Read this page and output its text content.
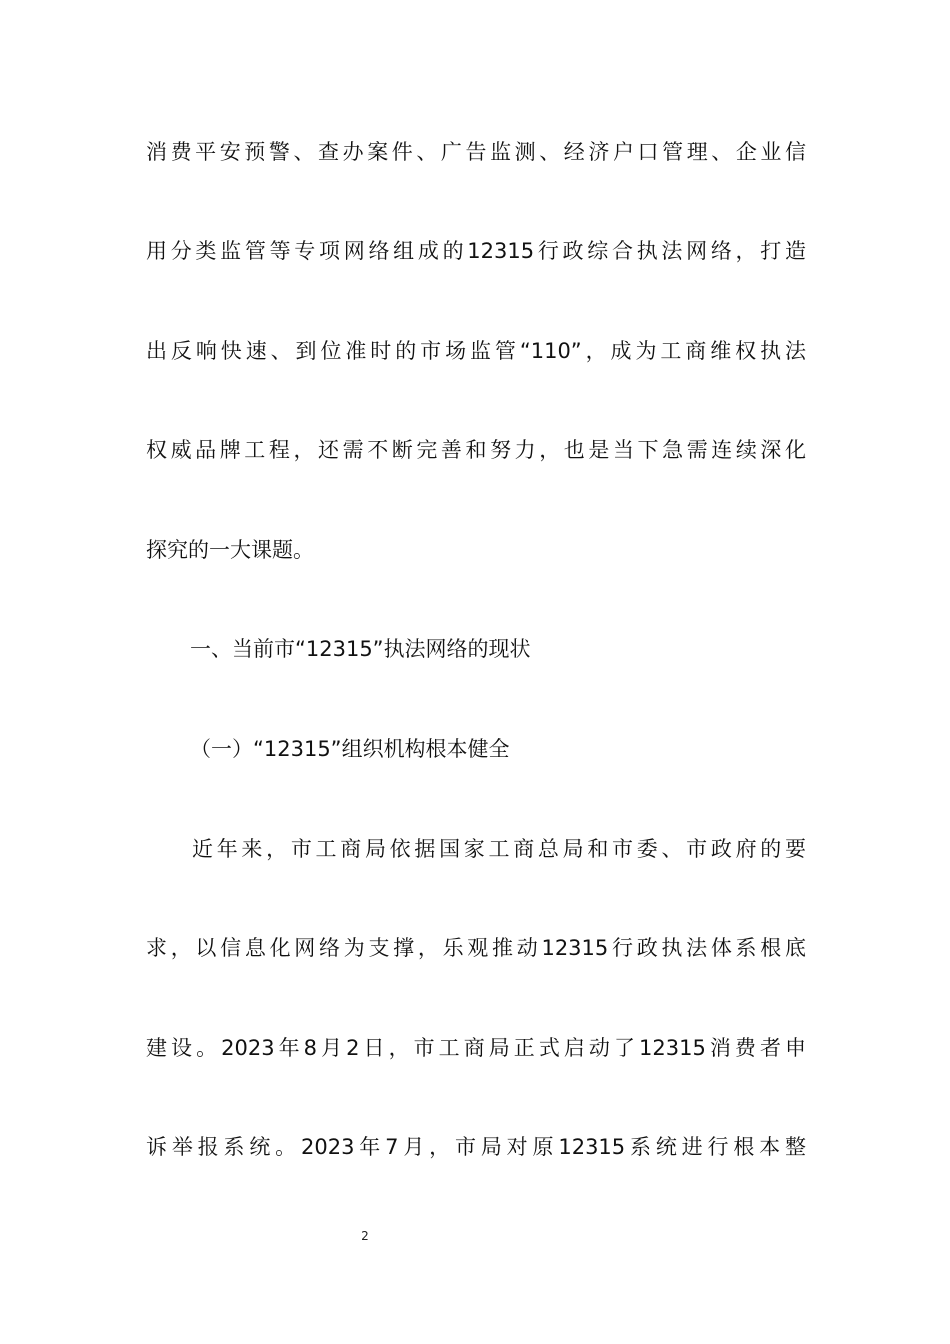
消费平安预警、查办案件、广告监测、经济户口管理、企业信
用分类监管等专项网络组成的12315行政综合执法网络，打造
出反响快速、到位准时的市场监管“110”，成为工商维权执法
权威品牌工程，还需不断完善和努力，也是当下急需连续深化
探究的一大课题。
一、当前市“12315”执法网络的现状
（一）“12315”组织机构根本健全
近年来，市工商局依据国家工商总局和市委、市政府的要
求，以信息化网络为支撑，乐观推动12315行政执法体系根底
建设。2023年8月2日，市工商局正式启动了12315消费者申
诉举报系统。2023年7月，市局对原12315系统进行根本整
2
